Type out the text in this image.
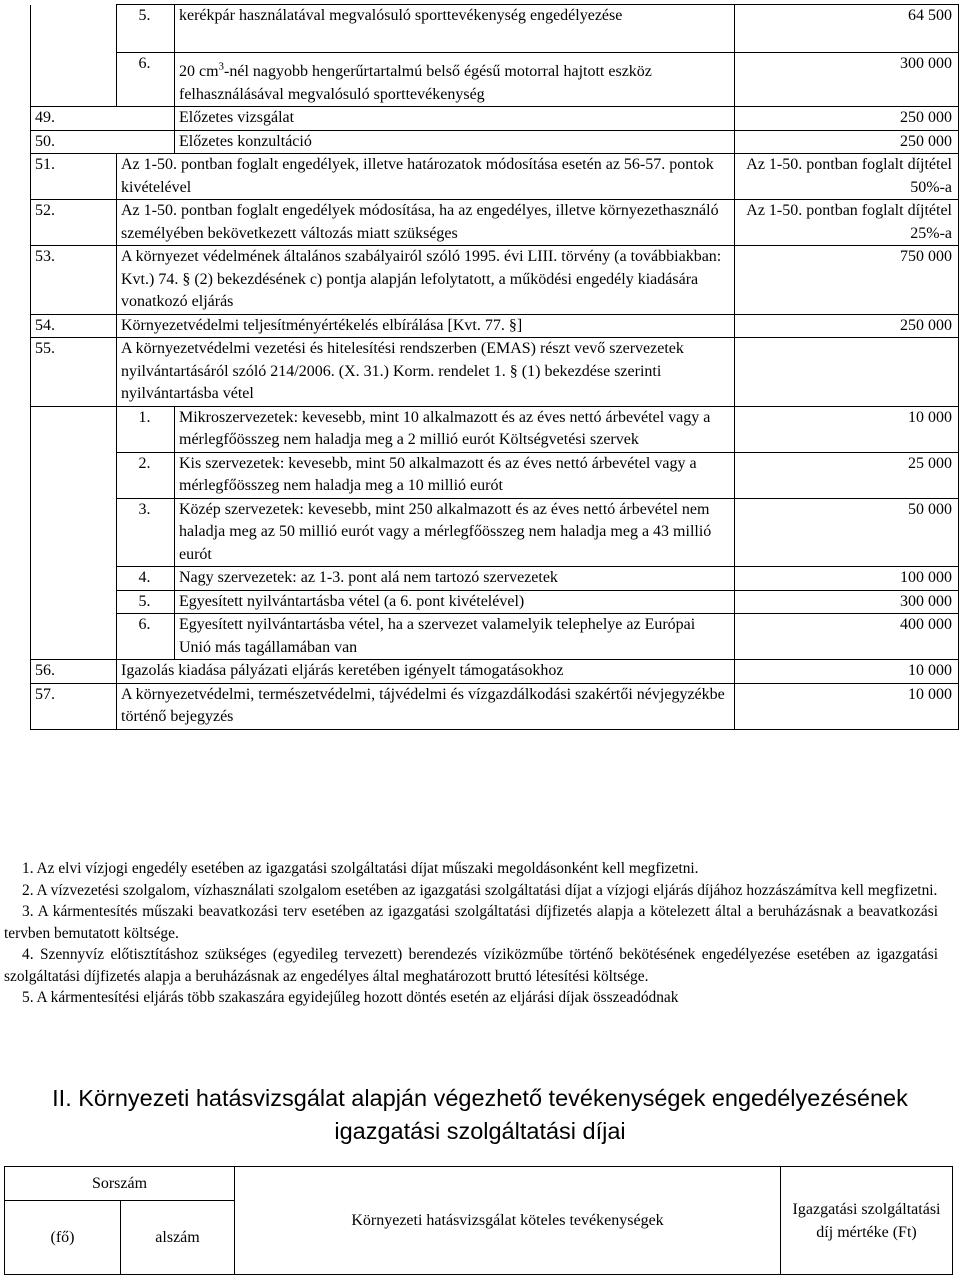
	5.	kerékpár használatával megvalósuló sporttevékenység engedélyezése	64 500
	6.	20 $cm^3$-nél nagyobb hengerűrtartalmú belső égésű motorral hajtott eszköz felhasználásával megvalósuló sporttevékenység	300 000
49.		Előzetes vizsgálat	250 000
50.		Előzetes konzultáció	250 000
51.	Az 1-50. pontban foglalt engedélyek, illetve határozatok módosítása esetén az 56-57. pontok kivételével		Az 1-50. pontban foglalt díjtétel 50%-a
52.	Az 1-50. pontban foglalt engedélyek módosítása, ha az engedélyes, illetve környezethasználó személyében bekövetkezett változás miatt szükséges		Az 1-50. pontban foglalt díjtétel 25%-a
53.	A környezet védelmének általános szabályairól szóló 1995. évi LIII. törvény (a továbbiakban: Kvt.) 74. § (2) bekezdésének c) pontja alapján lefolytatott, a működési engedély kiadására vonatkozó eljárás		750 000
54.	Környezetvédelmi teljesítményértékelés elbírálása [Kvt. 77. §]		250 000
55.	A környezetvédelmi vezetési és hitelesítési rendszerben (EMAS) részt vevő szervezetek nyilvántartásáról szóló 214/2006. (X. 31.) Korm. rendelet 1. § (1) bekezdése szerinti nyilvántartásba vétel		
	1.	Mikroszervezetek: kevesebb, mint 10 alkalmazott és az éves nettó árbevétel vagy a mérlegfőösszeg nem haladja meg a 2 millió eurót Költségvetési szervek	10 000
	2.	Kis szervezetek: kevesebb, mint 50 alkalmazott és az éves nettó árbevétel vagy a mérlegfőösszeg nem haladja meg a 10 millió eurót	25 000
	3.	Közép szervezetek: kevesebb, mint 250 alkalmazott és az éves nettó árbevétel nem haladja meg az 50 millió eurót vagy a mérlegfőösszeg nem haladja meg a 43 millió eurót	50 000
	4.	Nagy szervezetek: az 1-3. pont alá nem tartozó szervezetek	100 000
	5.	Egyesített nyilvántartásba vétel (a 6. pont kivételével)	300 000
	6.	Egyesített nyilvántartásba vétel, ha a szervezet valamelyik telephelye az Európai Unió más tagállamában van	400 000
56.	Igazolás kiadása pályázati eljárás keretében igényelt támogatásokhoz		10 000
57.	A környezetvédelmi, természetvédelmi, tájvédelmi és vízgazdálkodási szakértői névjegyzékbe történő bejegyzés		10 000

1. Az elvi vízjogi engedély esetében az igazgatási szolgáltatási díjat műszaki megoldásonként kell megfizetni.

2. A vízvezetési szolgalom, vízhasználati szolgalom esetében az igazgatási szolgáltatási díjat a vízjogi eljárás díjához hozzászámítva kell megfizetni.

3. A kármentesítés műszaki beavatkozási terv esetében az igazgatási szolgáltatási díjfizetés alapja a kötelezett által a beruházásnak a beavatkozási tervben bemutatott költsége.

4. Szennyvíz előtisztításhoz szükséges (egyedileg tervezett) berendezés víziközműbe történő bekötésének engedélyezése esetében az igazgatási szolgáltatási díjfizetés alapja a beruházásnak az engedélyes által meghatározott bruttó létesítési költsége.

5. A kármentesítési eljárás több szakaszára egyidejűleg hozott döntés esetén az eljárási díjak összeadódnak

II. Környezeti hatásvizsgálat alapján végezhető tevékenységek engedélyezésének
igazgatási szolgáltatási díjai
Sorszám		Környezeti hatásvizsgálat köteles tevékenységek	Igazgatási szolgáltatási díj mértéke (Ft)
(fő)	alszám		
